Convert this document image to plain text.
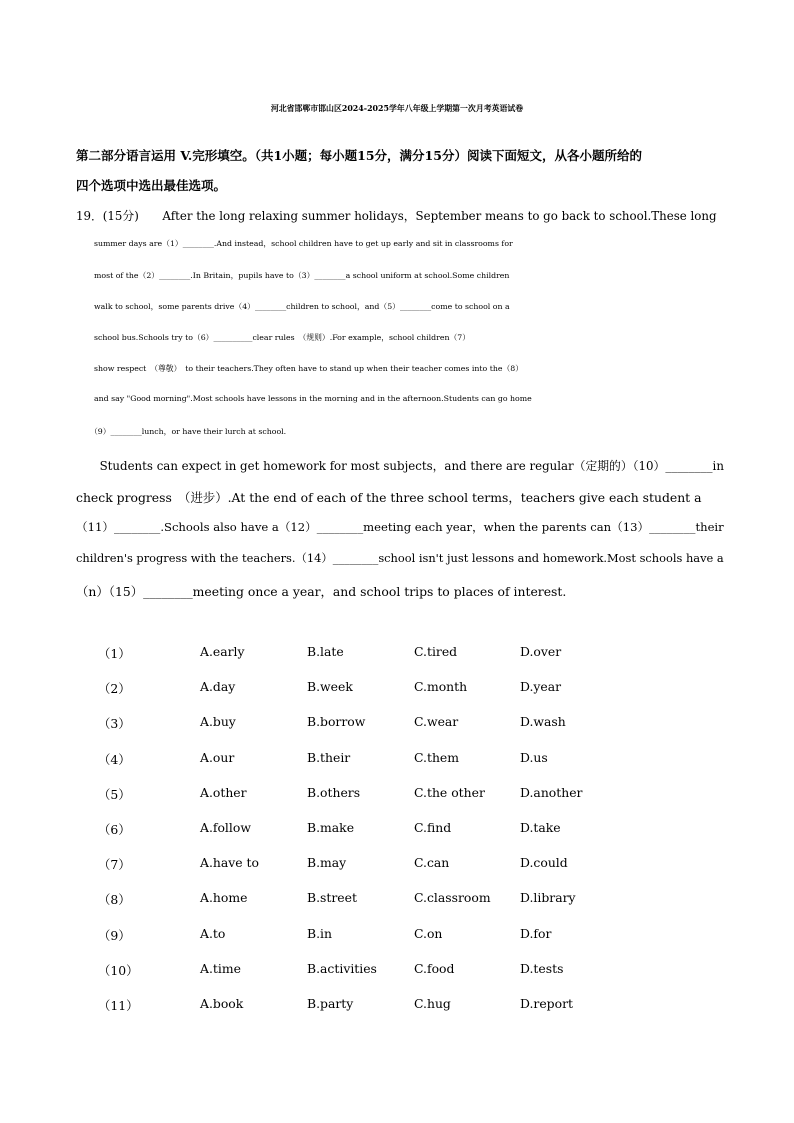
河北省邯郸市邯山区2024-2025学年八年级上学期第一次月考英语试卷
第二部分语言运用 V.完形填空。（共1小题；每小题15分，满分15分）阅读下面短文，从各小题所给的
四个选项中选出最佳选项。
19．(15分)　　After the long relaxing summer holidays，September means to go back to school.These long
summer days are（1）________.And instead，school children have to get up early and sit in classrooms for
most of the（2）________.In Britain，pupils have to（3）________a school uniform at school.Some children
walk to school，some parents drive（4）________children to school，and（5）________come to school on a
school bus.Schools try to（6）__________clear rules　（规则）.For example，school children（7）
show respect　（尊敬）　to their teachers.They often have to stand up when their teacher comes into the（8）
and say "Good morning".Most schools have lessons in the morning and in the afternoon.Students can go home
（9）________lunch，or have their lurch at school.
　　Students can expect in get homework for most subjects，and there are regular（定期的）（10）________in
check progress　（进步）.At the end of each of the three school terms，teachers give each student a
（11）________.Schools also have a（12）________meeting each year，when the parents can（13）________their
children's progress with the teachers.（14）________school isn't just lessons and homework.Most schools have a
（n）（15）________meeting once a year，and school trips to places of interest.
（1）	A.early	B.late	C.tired	D.over
（2）	A.day	B.week	C.month	D.year
（3）	A.buy	B.borrow	C.wear	D.wash
（4）	A.our	B.their	C.them	D.us
（5）	A.other	B.others	C.the other	D.another
（6）	A.follow	B.make	C.find	D.take
（7）	A.have to	B.may	C.can	D.could
（8）	A.home	B.street	C.classroom D.library
（9）	A.to	B.in	C.on	D.for
（10）	A.time	B.activities	C.food	D.tests
（11）	A.book	B.party	C.hug	D.report
